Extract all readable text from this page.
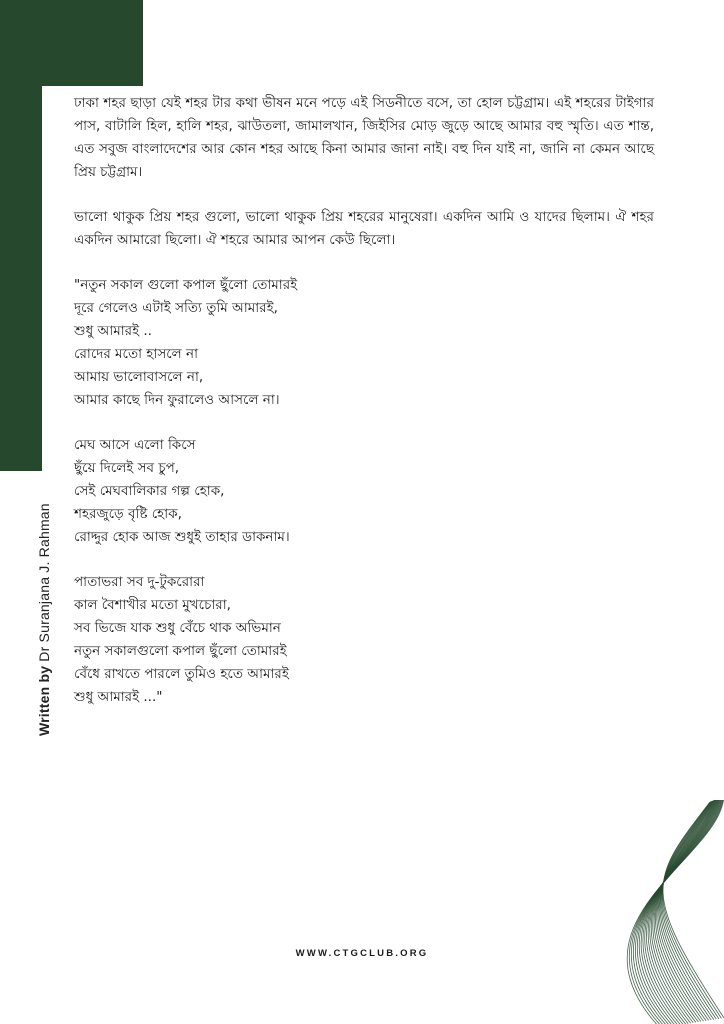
Written by Dr Suranjana J. Rahman

ঢাকা শহর ছাড়া যেই শহর টার কথা ভীষন মনে পড়ে এই সিডনীতে বসে, তা হোল চট্টগ্রাম। এই শহরের টাইগার পাস, বাটালি হিল, হালি শহর, ঝাউতলা, জামালখান, জিইসির মোড় জুড়ে আছে আমার বহু স্মৃতি। এত শান্ত, এত সবুজ বাংলাদেশের আর কোন শহর আছে কিনা আমার জানা নাই। বহু দিন যাই না, জানি না কেমন আছে প্রিয় চট্টগ্রাম।

ভালো থাকুক প্রিয় শহর গুলো, ভালো থাকুক প্রিয় শহরের মানুষেরা। একদিন আমি ও যাদের ছিলাম। ঐ শহর একদিন আমারো ছিলো। ঐ শহরে আমার আপন কেউ ছিলো।

"নতুন সকাল গুলো কপাল ছুঁলো তোমারই
দূরে গেলেও এটাই সত্যি তুমি আমারই,
শুধু আমারই ..
রোদের মতো হাসলে না
আমায় ভালোবাসলে না,
আমার কাছে দিন ফুরালেও আসলে না।
মেঘ আসে এলো কিসে
ছুঁয়ে দিলেই সব চুপ,
সেই মেঘবালিকার গল্প হোক,
শহরজুড়ে বৃষ্টি হোক,
রোদ্দুর হোক আজ শুধুই তাহার ডাকনাম।
পাতাভরা সব দু-টুকরোরা
কাল বৈশাখীর মতো মুখচোরা,
সব ভিজে যাক শুধু বেঁচে থাক অভিমান
নতুন সকালগুলো কপাল ছুঁলো তোমারই
বেঁধে রাখতে পারলে তুমিও হতে আমারই
শুধু আমারই ..."
WWW.CTGCLUB.ORG
